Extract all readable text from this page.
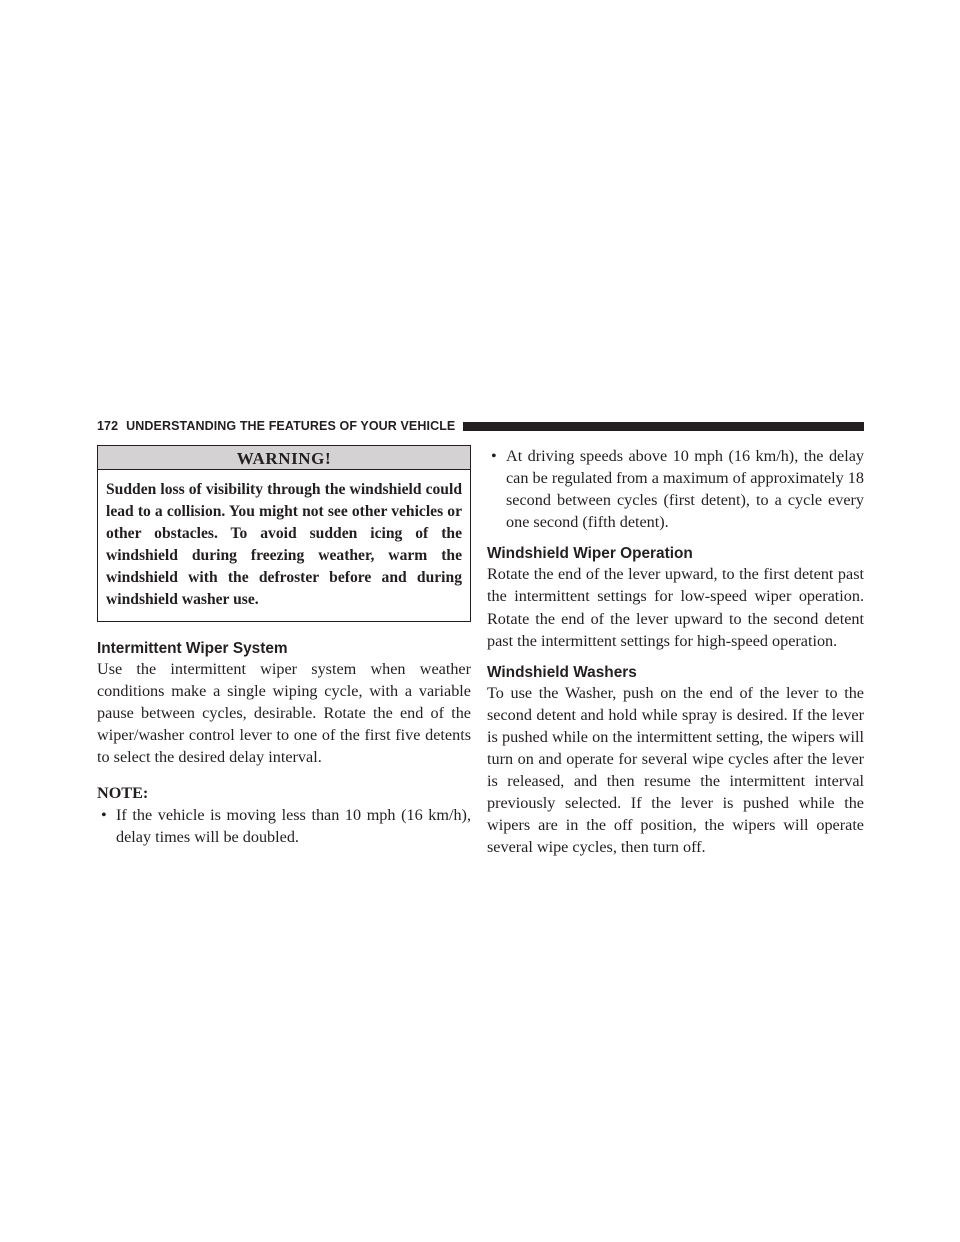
172 UNDERSTANDING THE FEATURES OF YOUR VEHICLE
WARNING!
Sudden loss of visibility through the windshield could lead to a collision. You might not see other vehicles or other obstacles. To avoid sudden icing of the windshield during freezing weather, warm the windshield with the defroster before and during windshield washer use.
Intermittent Wiper System

Use the intermittent wiper system when weather conditions make a single wiping cycle, with a variable pause between cycles, desirable. Rotate the end of the wiper/washer control lever to one of the first five detents to select the desired delay interval.

NOTE:
• If the vehicle is moving less than 10 mph (16 km/h), delay times will be doubled.
• At driving speeds above 10 mph (16 km/h), the delay can be regulated from a maximum of approximately 18 second between cycles (first detent), to a cycle every one second (fifth detent).
Windshield Wiper Operation

Rotate the end of the lever upward, to the first detent past the intermittent settings for low-speed wiper operation. Rotate the end of the lever upward to the second detent past the intermittent settings for high-speed operation.

Windshield Washers

To use the Washer, push on the end of the lever to the second detent and hold while spray is desired. If the lever is pushed while on the intermittent setting, the wipers will turn on and operate for several wipe cycles after the lever is released, and then resume the intermittent interval previously selected. If the lever is pushed while the wipers are in the off position, the wipers will operate several wipe cycles, then turn off.
